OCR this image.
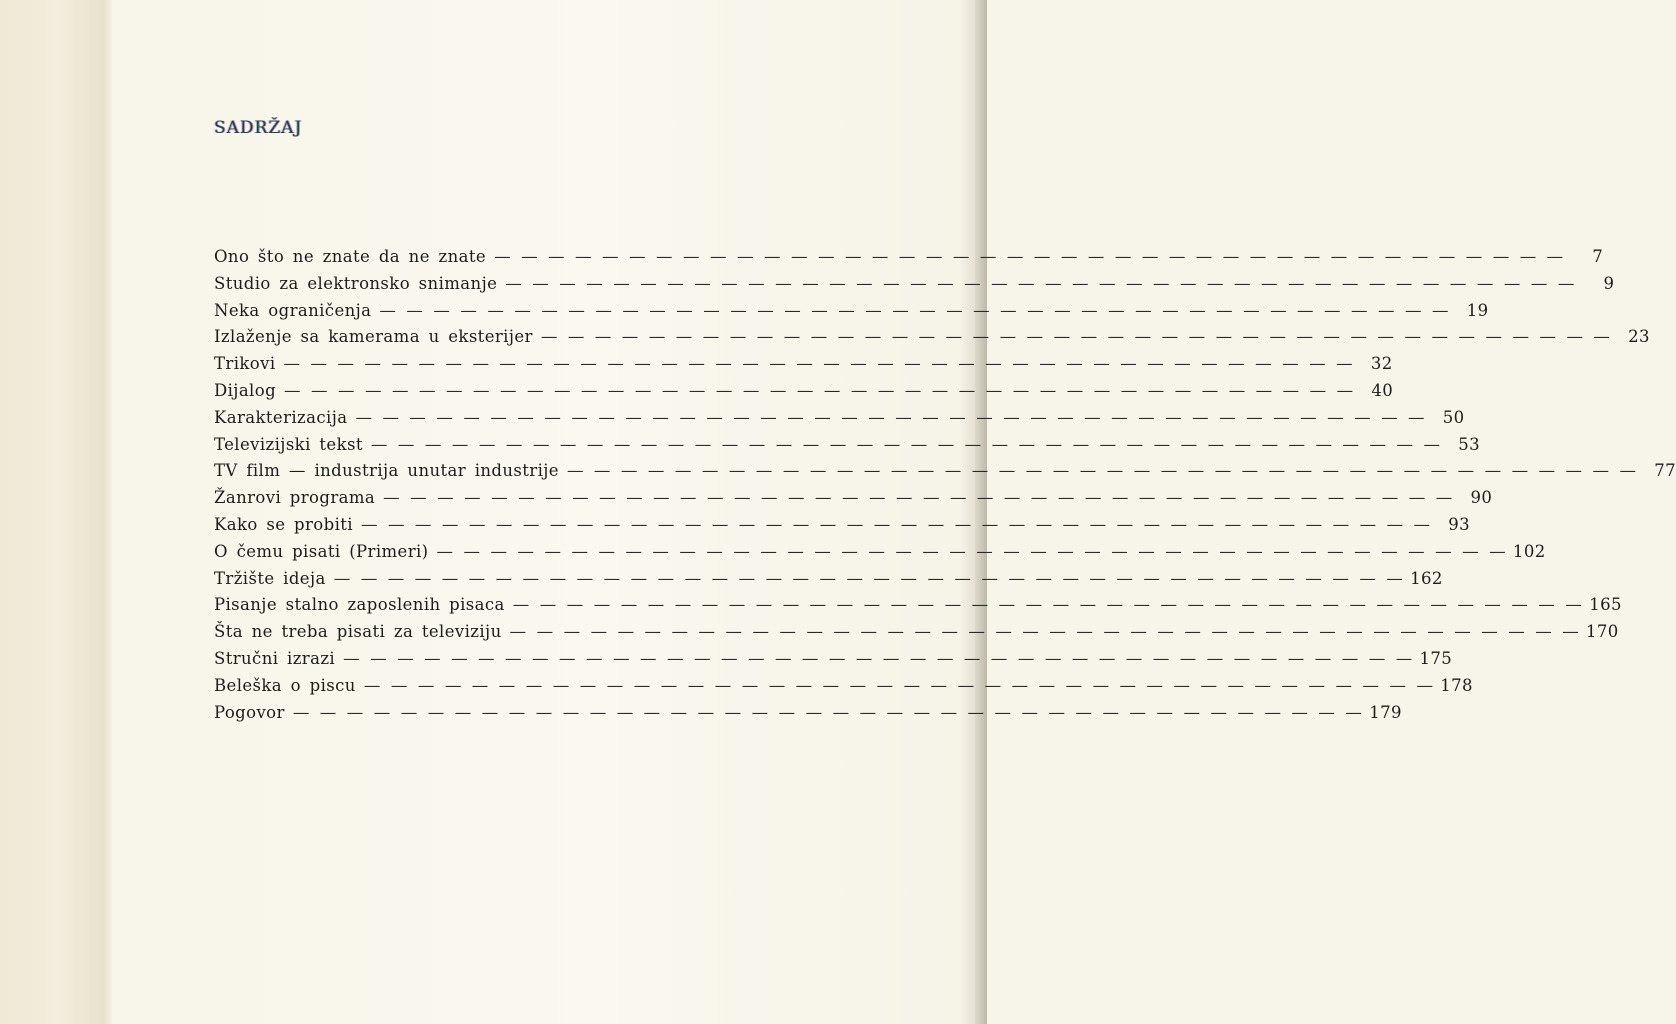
SADRŽAJ
Ono što ne znate da ne znate —  —  —  —  —  —  —  —  —  —  —  —  —  —  —  —  —  —  —  —  —  —  —  —  —  —  —  —  —  —  —  —  —  —  —  —  —  —  —  —	7
Studio za elektronsko snimanje —  —  —  —  —  —  —  —  —  —  —  —  —  —  —  —  —  —  —  —  —  —  —  —  —  —  —  —  —  —  —  —  —  —  —  —  —  —  —  —	9
Neka ograničenja —  —  —  —  —  —  —  —  —  —  —  —  —  —  —  —  —  —  —  —  —  —  —  —  —  —  —  —  —  —  —  —  —  —  —  —  —  —  —  —	19
Izlaženje sa kamerama u eksterijer —  —  —  —  —  —  —  —  —  —  —  —  —  —  —  —  —  —  —  —  —  —  —  —  —  —  —  —  —  —  —  —  —  —  —  —  —  —  —  —	23
Trikovi —  —  —  —  —  —  —  —  —  —  —  —  —  —  —  —  —  —  —  —  —  —  —  —  —  —  —  —  —  —  —  —  —  —  —  —  —  —  —  —	32
Dijalog —  —  —  —  —  —  —  —  —  —  —  —  —  —  —  —  —  —  —  —  —  —  —  —  —  —  —  —  —  —  —  —  —  —  —  —  —  —  —  —	40
Karakterizacija —  —  —  —  —  —  —  —  —  —  —  —  —  —  —  —  —  —  —  —  —  —  —  —  —  —  —  —  —  —  —  —  —  —  —  —  —  —  —  —	50
Televizijski tekst —  —  —  —  —  —  —  —  —  —  —  —  —  —  —  —  —  —  —  —  —  —  —  —  —  —  —  —  —  —  —  —  —  —  —  —  —  —  —  —	53
TV film — industrija unutar industrije —  —  —  —  —  —  —  —  —  —  —  —  —  —  —  —  —  —  —  —  —  —  —  —  —  —  —  —  —  —  —  —  —  —  —  —  —  —  —  —	77
Žanrovi programa —  —  —  —  —  —  —  —  —  —  —  —  —  —  —  —  —  —  —  —  —  —  —  —  —  —  —  —  —  —  —  —  —  —  —  —  —  —  —  —	90
Kako se probiti —  —  —  —  —  —  —  —  —  —  —  —  —  —  —  —  —  —  —  —  —  —  —  —  —  —  —  —  —  —  —  —  —  —  —  —  —  —  —  —	93
O čemu pisati (Primeri) —  —  —  —  —  —  —  —  —  —  —  —  —  —  —  —  —  —  —  —  —  —  —  —  —  —  —  —  —  —  —  —  —  —  —  —  —  —  —  — 102
Tržište ideja —  —  —  —  —  —  —  —  —  —  —  —  —  —  —  —  —  —  —  —  —  —  —  —  —  —  —  —  —  —  —  —  —  —  —  —  —  —  —  — 162
Pisanje stalno zaposlenih pisaca —  —  —  —  —  —  —  —  —  —  —  —  —  —  —  —  —  —  —  —  —  —  —  —  —  —  —  —  —  —  —  —  —  —  —  —  —  —  —  — 165
Šta ne treba pisati za televiziju —  —  —  —  —  —  —  —  —  —  —  —  —  —  —  —  —  —  —  —  —  —  —  —  —  —  —  —  —  —  —  —  —  —  —  —  —  —  —  — 170
Stručni izrazi —  —  —  —  —  —  —  —  —  —  —  —  —  —  —  —  —  —  —  —  —  —  —  —  —  —  —  —  —  —  —  —  —  —  —  —  —  —  —  — 175
Beleška o piscu —  —  —  —  —  —  —  —  —  —  —  —  —  —  —  —  —  —  —  —  —  —  —  —  —  —  —  —  —  —  —  —  —  —  —  —  —  —  —  — 178
Pogovor —  —  —  —  —  —  —  —  —  —  —  —  —  —  —  —  —  —  —  —  —  —  —  —  —  —  —  —  —  —  —  —  —  —  —  —  —  —  —  — 179
